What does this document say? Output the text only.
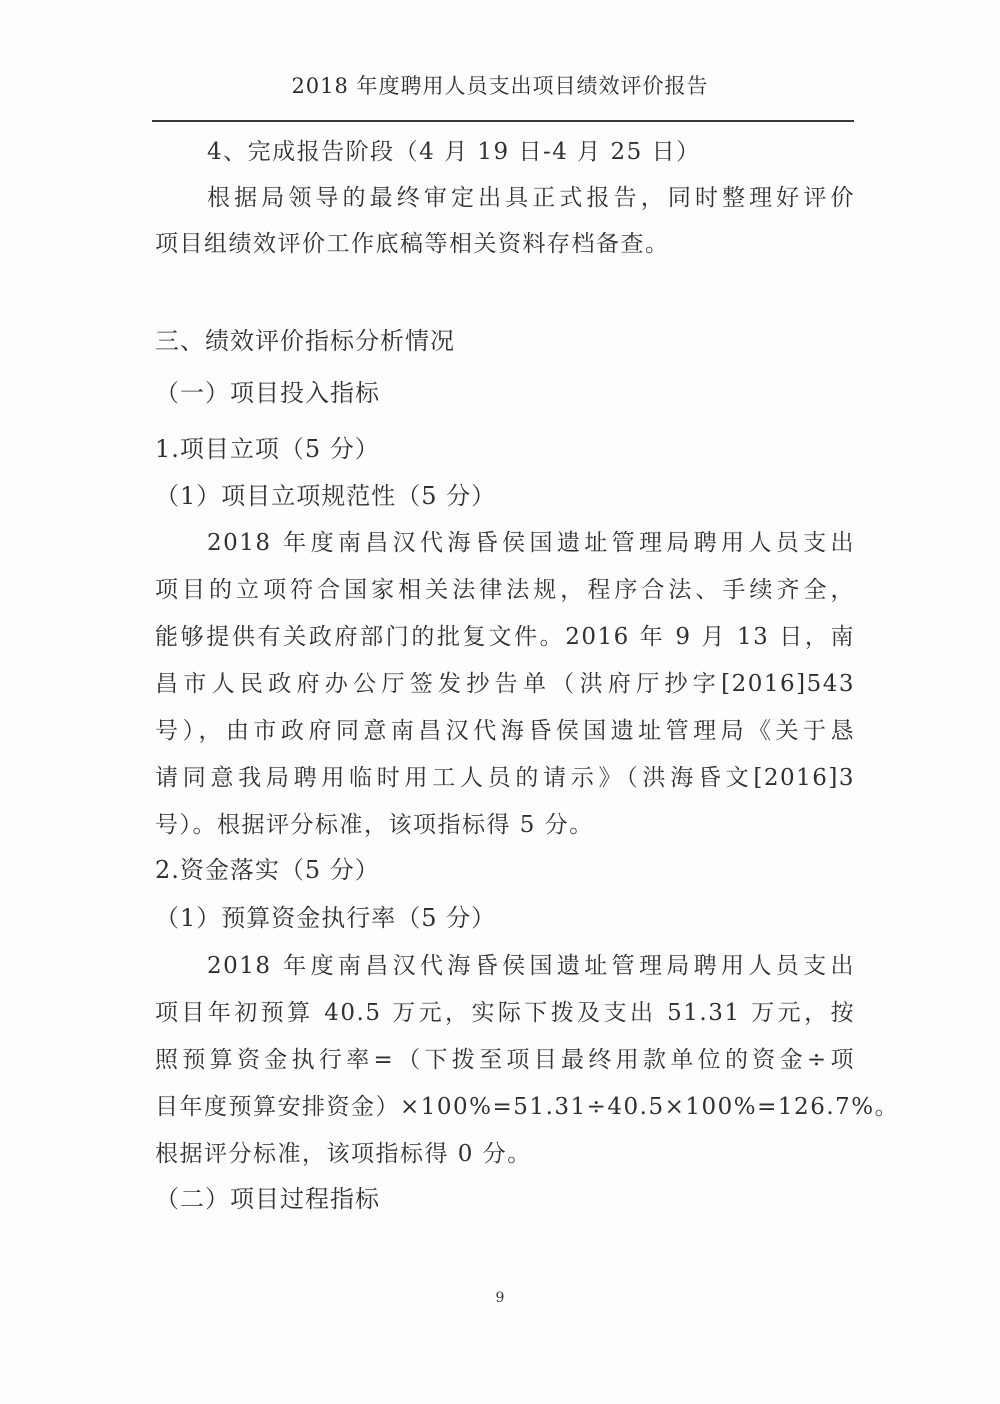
2018 年度聘用人员支出项目绩效评价报告
4、完成报告阶段（4 月 19 日-4 月 25 日）
根据局领导的最终审定出具正式报告，同时整理好评价
项目组绩效评价工作底稿等相关资料存档备查。
三、绩效评价指标分析情况
（一）项目投入指标
1.项目立项（5 分）
（1）项目立项规范性（5 分）
2018 年度南昌汉代海昏侯国遗址管理局聘用人员支出
项目的立项符合国家相关法律法规，程序合法、手续齐全，
能够提供有关政府部门的批复文件。2016 年 9 月 13 日，南
昌市人民政府办公厅签发抄告单（洪府厅抄字[2016]543
号），由市政府同意南昌汉代海昏侯国遗址管理局《关于恳
请同意我局聘用临时用工人员的请示》（洪海昏文[2016]3
号）。根据评分标准，该项指标得 5 分。
2.资金落实（5 分）
（1）预算资金执行率（5 分）
2018 年度南昌汉代海昏侯国遗址管理局聘用人员支出
项目年初预算 40.5 万元，实际下拨及支出 51.31 万元，按
照预算资金执行率=（下拨至项目最终用款单位的资金÷项
目年度预算安排资金）×100%=51.31÷40.5×100%=126.7%。
根据评分标准，该项指标得 0 分。
（二）项目过程指标
9
